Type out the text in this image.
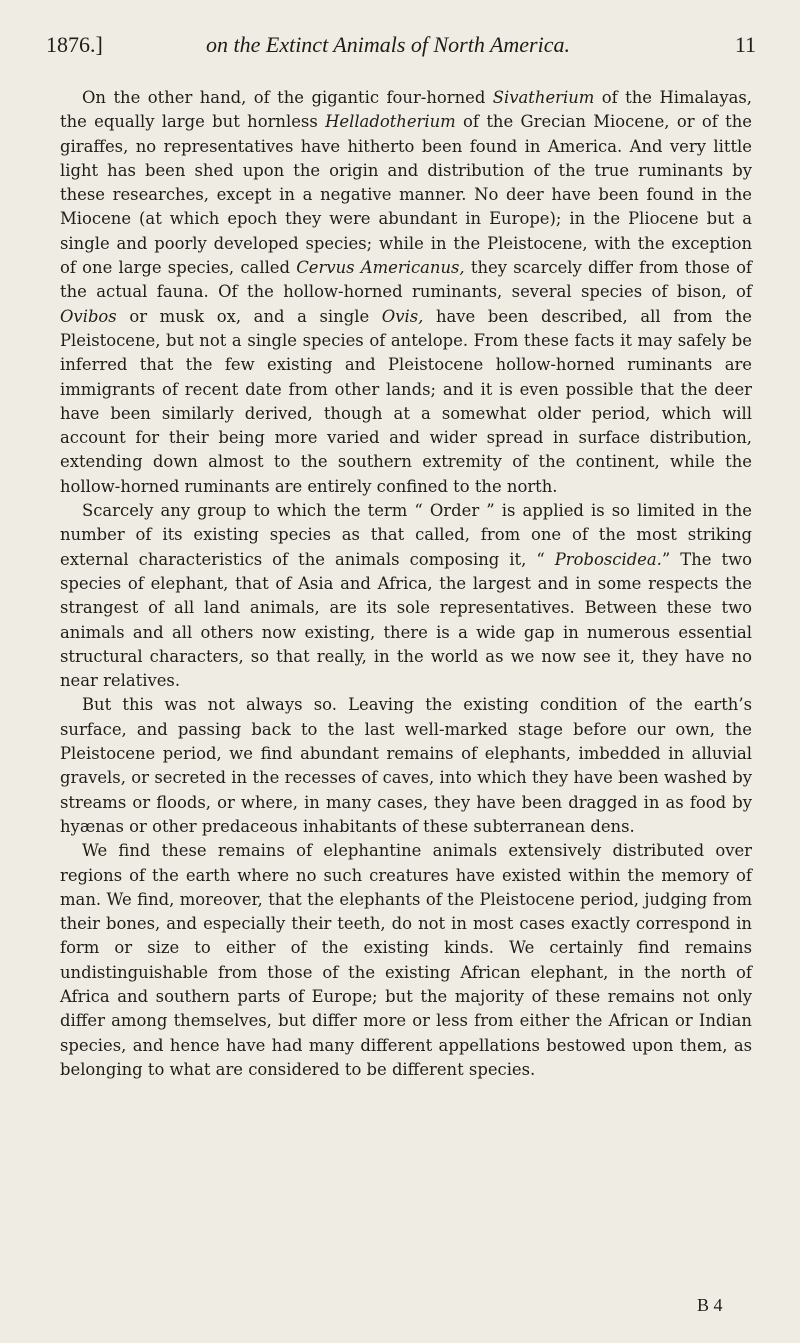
1876.]	on the Extinct Animals of North America.	11

On the other hand, of the gigantic four-horned Sivatherium of the Himalayas, the equally large but hornless Helladotherium of the Grecian Miocene, or of the giraffes, no representatives have hitherto been found in America. And very little light has been shed upon the origin and distribution of the true ruminants by these researches, except in a negative manner. No deer have been found in the Miocene (at which epoch they were abundant in Europe); in the Pliocene but a single and poorly developed species; while in the Pleistocene, with the exception of one large species, called Cervus Americanus, they scarcely differ from those of the actual fauna. Of the hollow-horned ruminants, several species of bison, of Ovibos or musk ox, and a single Ovis, have been described, all from the Pleistocene, but not a single species of antelope. From these facts it may safely be inferred that the few existing and Pleistocene hollow-horned ruminants are immigrants of recent date from other lands; and it is even possible that the deer have been similarly derived, though at a somewhat older period, which will account for their being more varied and wider spread in surface distribution, extending down almost to the southern extremity of the continent, while the hollow-horned ruminants are entirely confined to the north.

Scarcely any group to which the term “ Order ” is applied is so limited in the number of its existing species as that called, from one of the most striking external characteristics of the animals composing it, “ Proboscidea.” The two species of elephant, that of Asia and Africa, the largest and in some respects the strangest of all land animals, are its sole representatives. Between these two animals and all others now existing, there is a wide gap in numerous essential structural characters, so that really, in the world as we now see it, they have no near relatives.

But this was not always so. Leaving the existing condition of the earth’s surface, and passing back to the last well-marked stage before our own, the Pleistocene period, we find abundant remains of elephants, imbedded in alluvial gravels, or secreted in the recesses of caves, into which they have been washed by streams or floods, or where, in many cases, they have been dragged in as food by hyænas or other predaceous inhabitants of these subterranean dens.

We find these remains of elephantine animals extensively distributed over regions of the earth where no such creatures have existed within the memory of man. We find, moreover, that the elephants of the Pleistocene period, judging from their bones, and especially their teeth, do not in most cases exactly correspond in form or size to either of the existing kinds. We certainly find remains undistinguishable from those of the existing African elephant, in the north of Africa and southern parts of Europe; but the majority of these remains not only differ among themselves, but differ more or less from either the African or Indian species, and hence have had many different appellations bestowed upon them, as belonging to what are considered to be different species.

B 4
